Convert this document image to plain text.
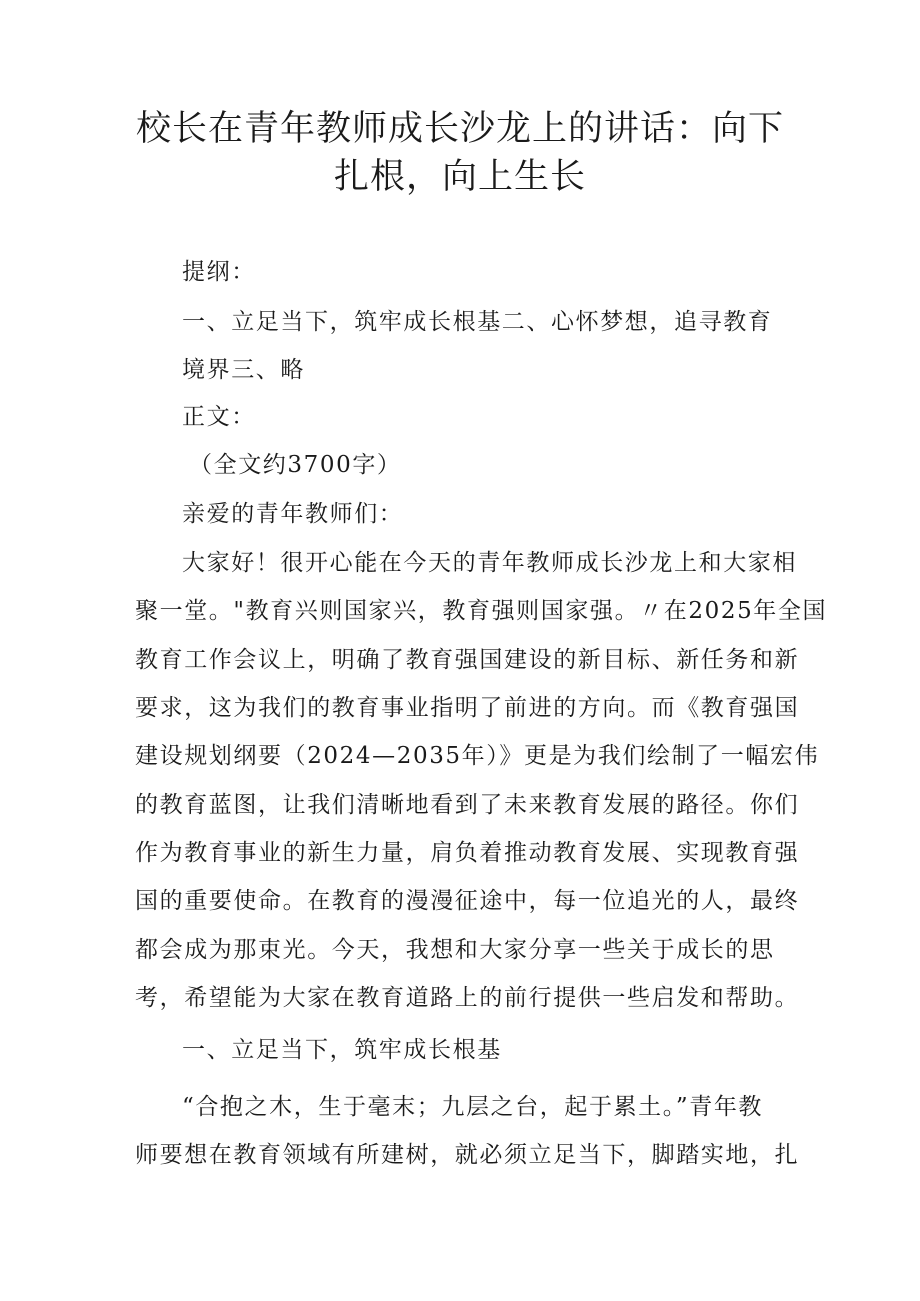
校长在青年教师成长沙龙上的讲话：向下
扎根，向上生长
提纲：
一、立足当下，筑牢成长根基二、心怀梦想，追寻教育
境界三、略
正文：
（全文约3700字）
亲爱的青年教师们：
大家好！很开心能在今天的青年教师成长沙龙上和大家相
聚一堂。"教育兴则国家兴，教育强则国家强。〃在2025年全国
教育工作会议上，明确了教育强国建设的新目标、新任务和新
要求，这为我们的教育事业指明了前进的方向。而《教育强国
建设规划纲要（2024—2035年）》更是为我们绘制了一幅宏伟
的教育蓝图，让我们清晰地看到了未来教育发展的路径。你们
作为教育事业的新生力量，肩负着推动教育发展、实现教育强
国的重要使命。在教育的漫漫征途中，每一位追光的人，最终
都会成为那束光。今天，我想和大家分享一些关于成长的思
考，希望能为大家在教育道路上的前行提供一些启发和帮助。
一、立足当下，筑牢成长根基
“合抱之木，生于毫末；九层之台，起于累土。”青年教
师要想在教育领域有所建树，就必须立足当下，脚踏实地，扎
